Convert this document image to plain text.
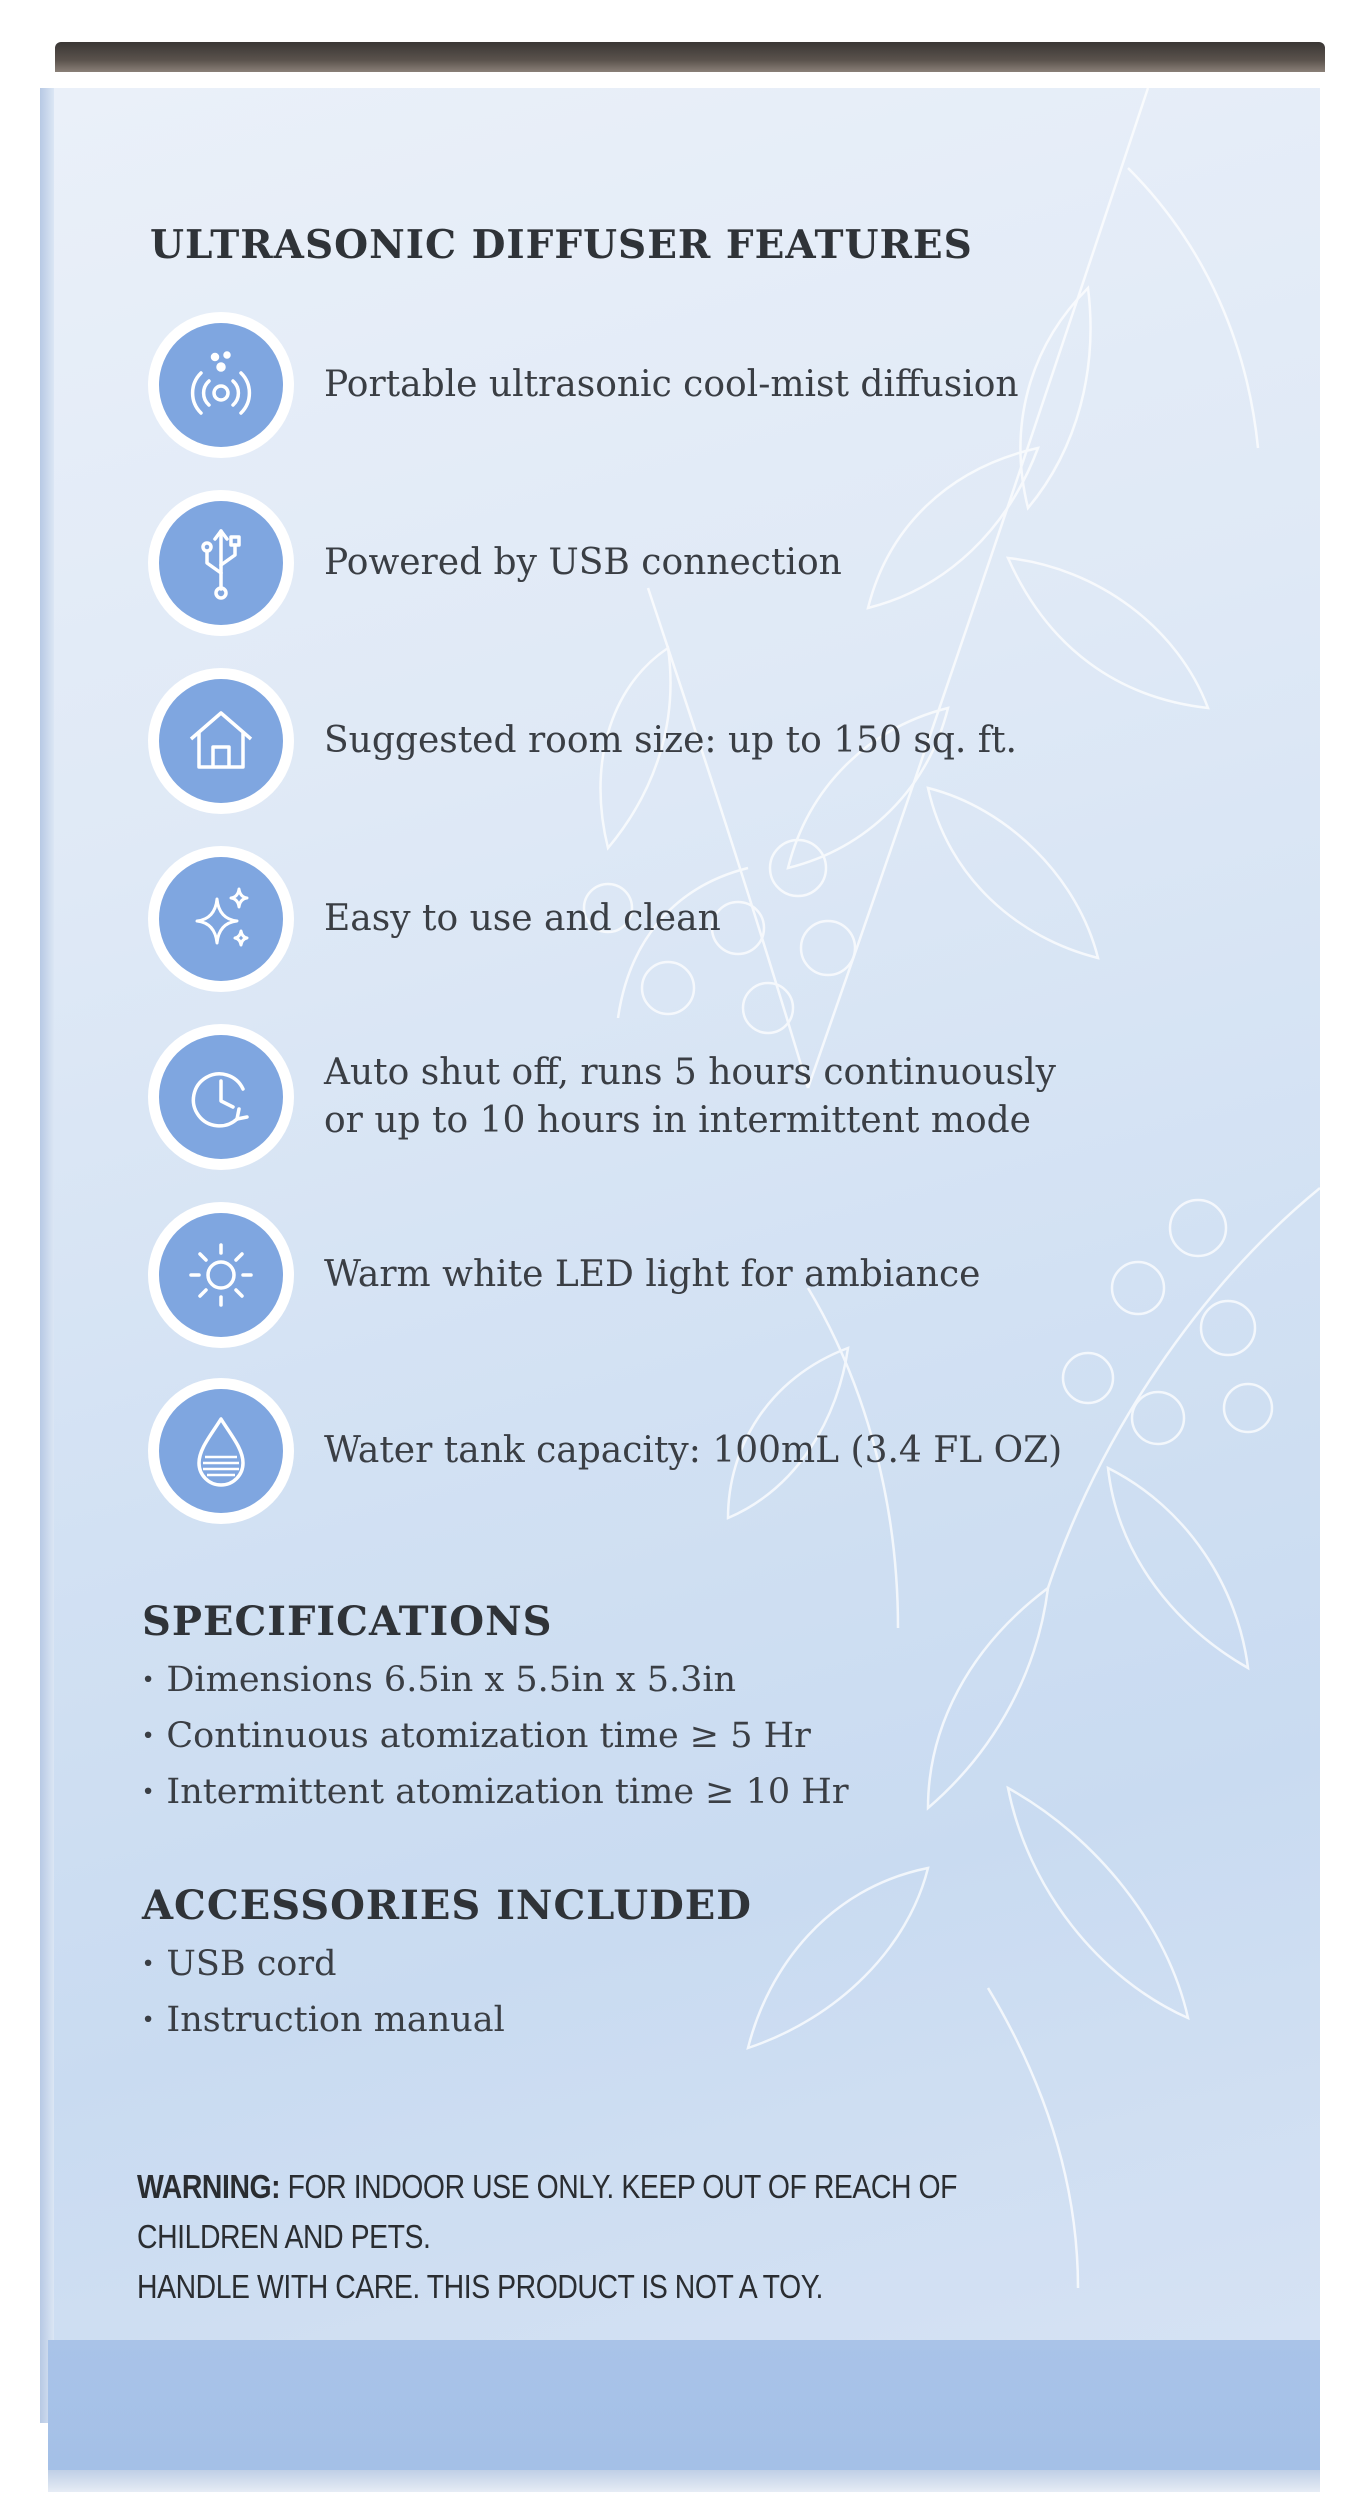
ULTRASONIC DIFFUSER FEATURES
Portable ultrasonic cool-mist diffusion
Powered by USB connection
Suggested room size: up to 150 sq. ft.
Easy to use and clean
Auto shut off, runs 5 hours continuously
or up to 10 hours in intermittent mode
Warm white LED light for ambiance
Water tank capacity: 100mL (3.4 FL OZ)
SPECIFICATIONS
· Dimensions 6.5in x 5.5in x 5.3in
· Continuous atomization time ≥ 5 Hr
· Intermittent atomization time ≥ 10 Hr
ACCESSORIES INCLUDED
· USB cord
· Instruction manual
WARNING: FOR INDOOR USE ONLY. KEEP OUT OF REACH OF CHILDREN AND PETS.
HANDLE WITH CARE. THIS PRODUCT IS NOT A TOY.
